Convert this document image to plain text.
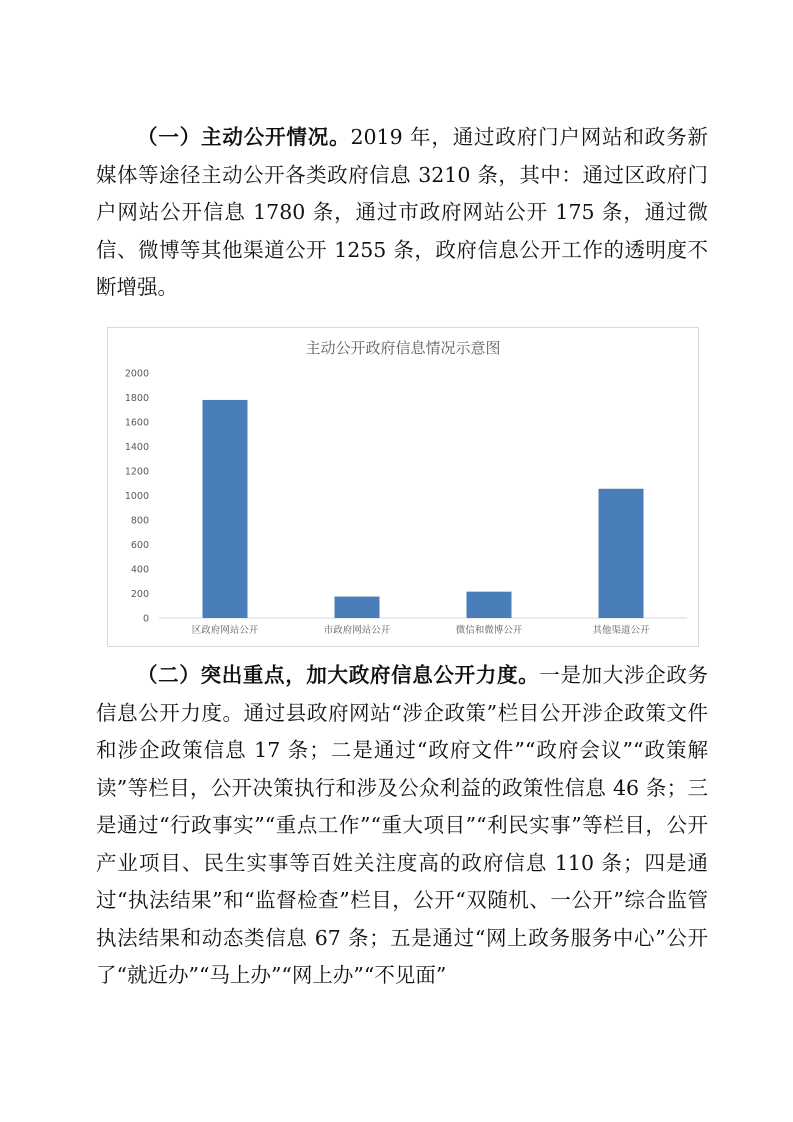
（一）主动公开情况。2019 年，通过政府门户网站和政务新媒体等途径主动公开各类政府信息 3210 条，其中：通过区政府门户网站公开信息 1780 条，通过市政府网站公开 175 条，通过微信、微博等其他渠道公开 1255 条，政府信息公开工作的透明度不断增强。

主动公开政府信息情况示意图
0
200
400
600
800
1000
1200
1400
1600
1800
2000
区政府网站公开	市政府网站公开	微信和微博公开	其他渠道公开

（二）突出重点，加大政府信息公开力度。一是加大涉企政务信息公开力度。通过县政府网站“涉企政策”栏目公开涉企政策文件和涉企政策信息 17 条；二是通过“政府文件”“政府会议”“政策解读”等栏目，公开决策执行和涉及公众利益的政策性信息 46 条；三是通过“行政事实”“重点工作”“重大项目”“利民实事”等栏目，公开产业项目、民生实事等百姓关注度高的政府信息 110 条；四是通过“执法结果”和“监督检查”栏目，公开“双随机、一公开”综合监管执法结果和动态类信息 67 条；五是通过“网上政务服务中心”公开了“就近办”“马上办”“网上办”“不见面”
